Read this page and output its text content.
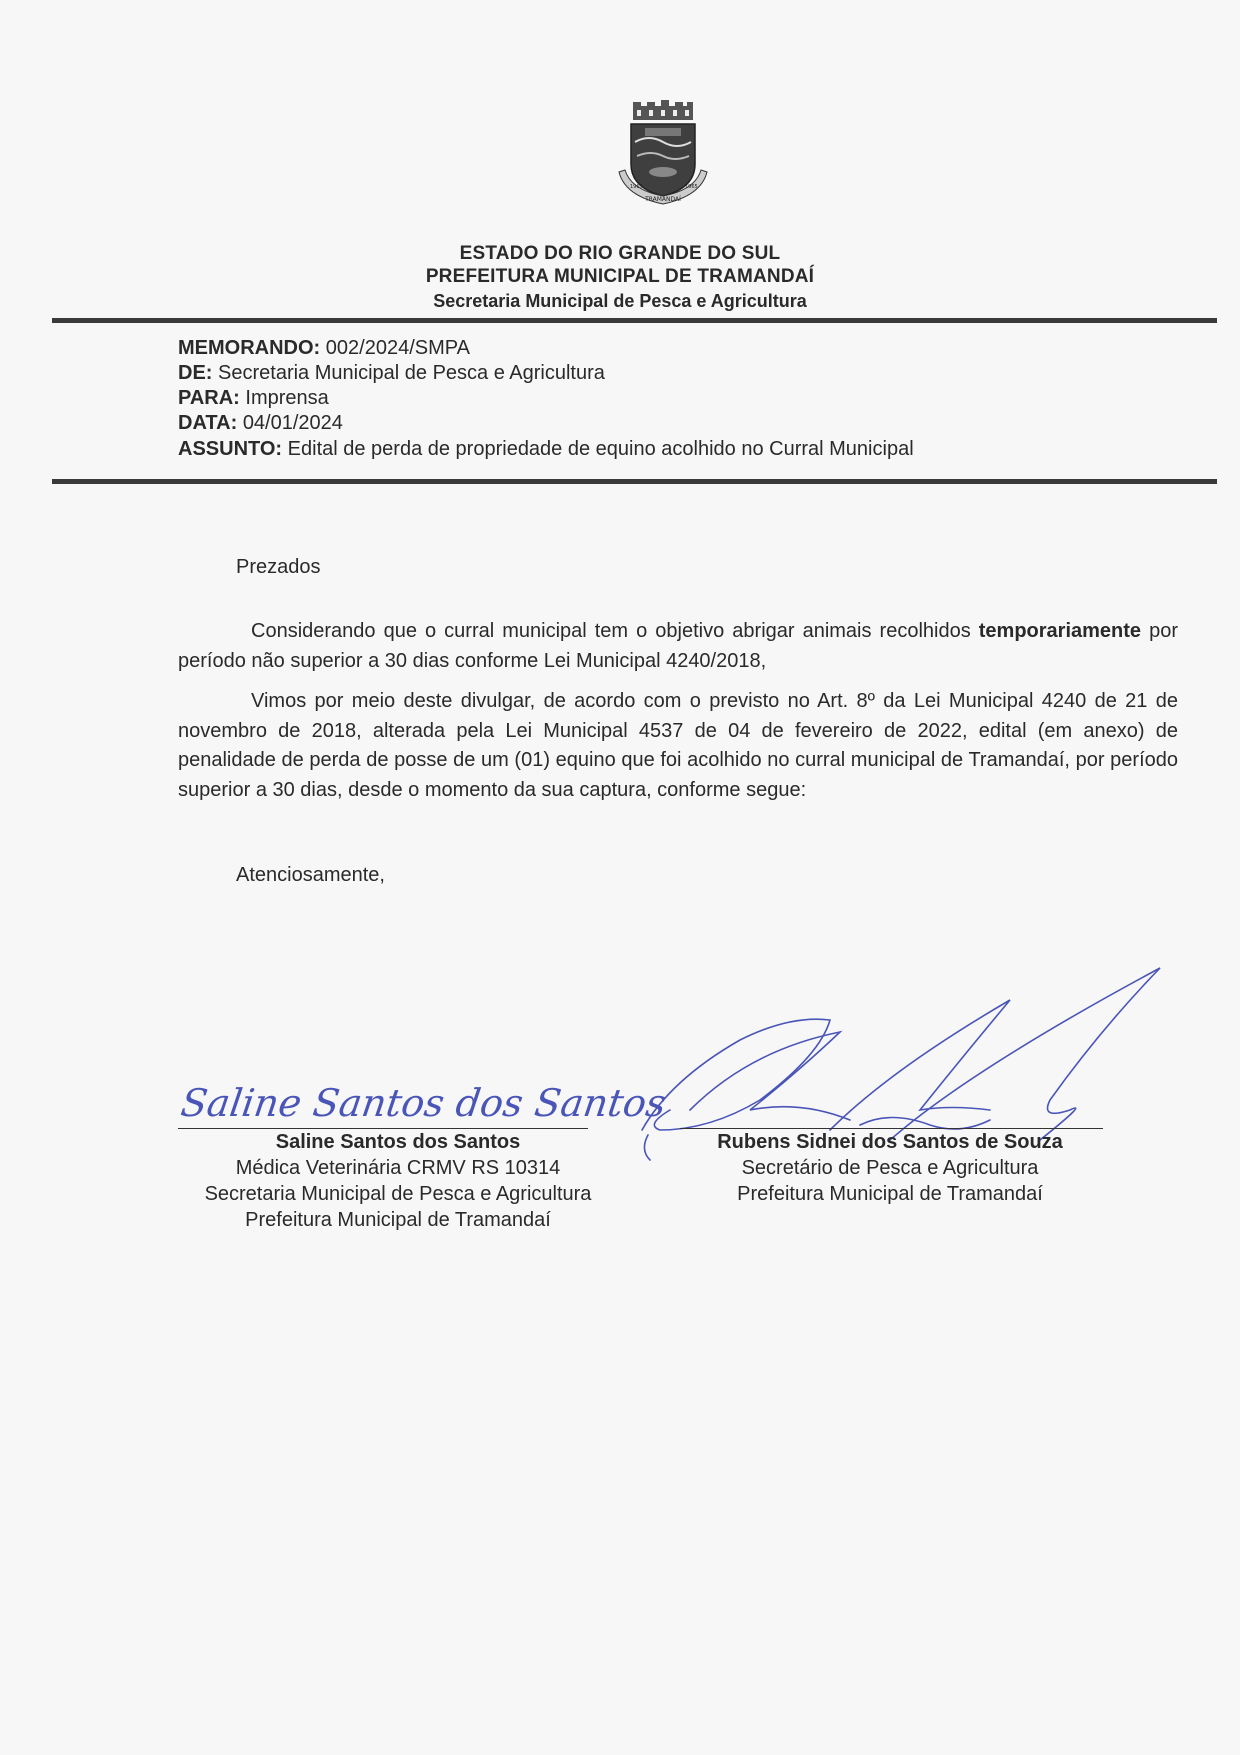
TRAMANDAÍ
1965	1965
ESTADO DO RIO GRANDE DO SUL
PREFEITURA MUNICIPAL DE TRAMANDAÍ
Secretaria Municipal de Pesca e Agricultura
MEMORANDO: 002/2024/SMPA
DE: Secretaria Municipal de Pesca e Agricultura
PARA: Imprensa
DATA: 04/01/2024
ASSUNTO: Edital de perda de propriedade de equino acolhido no Curral Municipal
Prezados
Considerando que o curral municipal tem o objetivo abrigar animais recolhidos temporariamente por período não superior a 30 dias conforme Lei Municipal 4240/2018,
Vimos por meio deste divulgar, de acordo com o previsto no Art. 8º da Lei Municipal 4240 de 21 de novembro de 2018, alterada pela Lei Municipal 4537 de 04 de fevereiro de 2022, edital (em anexo) de penalidade de perda de posse de um (01) equino que foi acolhido no curral municipal de Tramandaí, por período superior a 30 dias, desde o momento da sua captura, conforme segue:
Atenciosamente,
Saline Santos dos Santos
Saline Santos dos Santos
Médica Veterinária CRMV RS 10314
Secretaria Municipal de Pesca e Agricultura
Prefeitura Municipal de Tramandaí
Rubens Sidnei dos Santos de Souza
Secretário de Pesca e Agricultura
Prefeitura Municipal de Tramandaí
